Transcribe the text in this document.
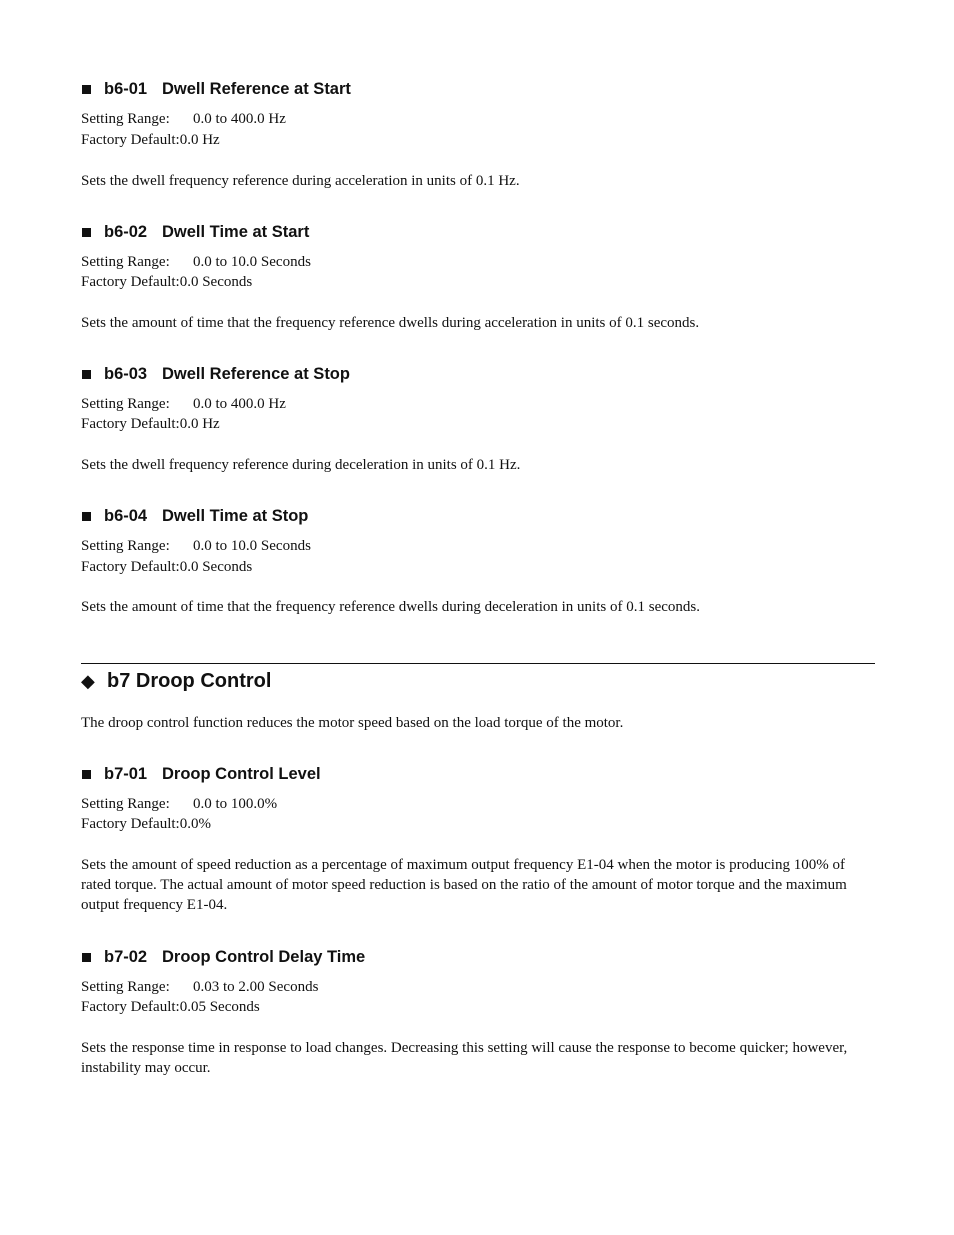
b6-01 Dwell Reference at Start
Setting Range: 0.0 to 400.0 Hz
Factory Default:0.0 Hz
Sets the dwell frequency reference during acceleration in units of 0.1 Hz.
b6-02 Dwell Time at Start
Setting Range: 0.0 to 10.0 Seconds
Factory Default:0.0 Seconds
Sets the amount of time that the frequency reference dwells during acceleration in units of 0.1 seconds.
b6-03 Dwell Reference at Stop
Setting Range: 0.0 to 400.0 Hz
Factory Default:0.0 Hz
Sets the dwell frequency reference during deceleration in units of 0.1 Hz.
b6-04 Dwell Time at Stop
Setting Range: 0.0 to 10.0 Seconds
Factory Default:0.0 Seconds
Sets the amount of time that the frequency reference dwells during deceleration in units of 0.1 seconds.
◆ b7 Droop Control
The droop control function reduces the motor speed based on the load torque of the motor.
b7-01 Droop Control Level
Setting Range: 0.0 to 100.0%
Factory Default:0.0%
Sets the amount of speed reduction as a percentage of maximum output frequency E1-04 when the motor is producing 100% of rated torque. The actual amount of motor speed reduction is based on the ratio of the amount of motor torque and the maximum output frequency E1-04.
b7-02 Droop Control Delay Time
Setting Range: 0.03 to 2.00 Seconds
Factory Default:0.05 Seconds
Sets the response time in response to load changes. Decreasing this setting will cause the response to become quicker; however, instability may occur.
